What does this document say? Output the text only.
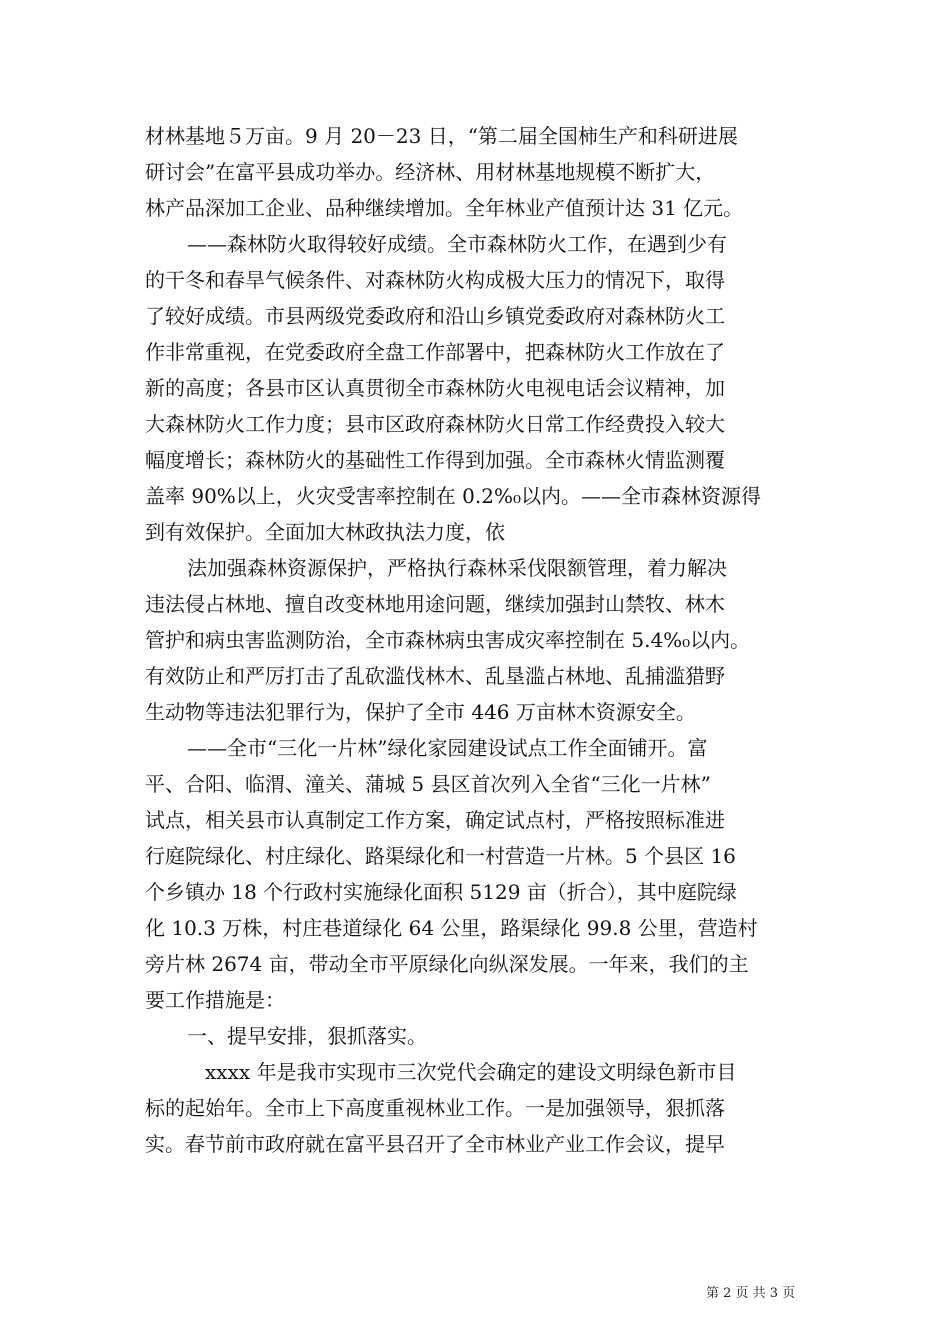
材林基地５万亩。9 月 20－23 日，“第二届全国柿生产和科研进展
研讨会”在富平县成功举办。经济林、用材林基地规模不断扩大，
林产品深加工企业、品种继续增加。全年林业产值预计达 31 亿元。
——森林防火取得较好成绩。全市森林防火工作，在遇到少有
的干冬和春旱气候条件、对森林防火构成极大压力的情况下，取得
了较好成绩。市县两级党委政府和沿山乡镇党委政府对森林防火工
作非常重视，在党委政府全盘工作部署中，把森林防火工作放在了
新的高度；各县市区认真贯彻全市森林防火电视电话会议精神，加
大森林防火工作力度；县市区政府森林防火日常工作经费投入较大
幅度增长；森林防火的基础性工作得到加强。全市森林火情监测覆
盖率 90%以上，火灾受害率控制在 0.2%₀以内。——全市森林资源得
到有效保护。全面加大林政执法力度，依
法加强森林资源保护，严格执行森林采伐限额管理，着力解决
违法侵占林地、擅自改变林地用途问题，继续加强封山禁牧、林木
管护和病虫害监测防治，全市森林病虫害成灾率控制在 5.4%₀以内。
有效防止和严厉打击了乱砍滥伐林木、乱垦滥占林地、乱捕滥猎野
生动物等违法犯罪行为，保护了全市 446 万亩林木资源安全。
——全市“三化一片林”绿化家园建设试点工作全面铺开。富
平、合阳、临渭、潼关、蒲城 5 县区首次列入全省“三化一片林”
试点，相关县市认真制定工作方案，确定试点村，严格按照标准进
行庭院绿化、村庄绿化、路渠绿化和一村营造一片林。5 个县区 16
个乡镇办 18 个行政村实施绿化面积 5129 亩（折合），其中庭院绿
化 10.3 万株，村庄巷道绿化 64 公里，路渠绿化 99.8 公里，营造村
旁片林 2674 亩，带动全市平原绿化向纵深发展。一年来，我们的主
要工作措施是：
一、提早安排，狠抓落实。
xxxx 年是我市实现市三次党代会确定的建设文明绿色新市目
标的起始年。全市上下高度重视林业工作。一是加强领导，狠抓落
实。春节前市政府就在富平县召开了全市林业产业工作会议，提早
第 2 页 共 3 页
